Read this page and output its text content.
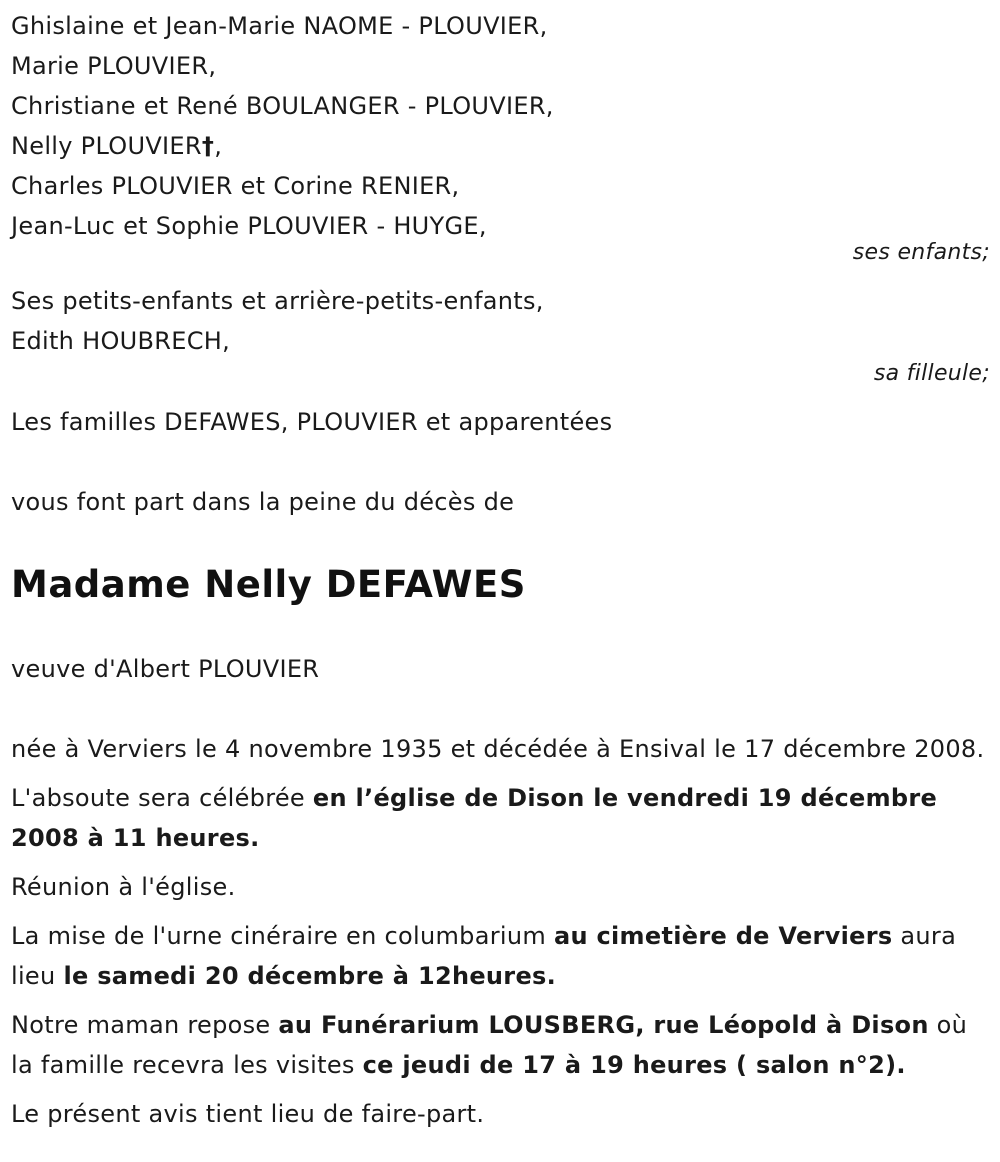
Ghislaine et Jean-Marie NAOME - PLOUVIER,
Marie PLOUVIER,
Christiane et René BOULANGER - PLOUVIER,
Nelly PLOUVIER†,
Charles PLOUVIER et Corine RENIER,
Jean-Luc et Sophie PLOUVIER - HUYGE,
ses enfants;
Ses petits-enfants et arrière-petits-enfants,
Edith HOUBRECH,
sa filleule;
Les familles DEFAWES, PLOUVIER et apparentées
vous font part dans la peine du décès de
Madame Nelly DEFAWES
veuve d'Albert PLOUVIER

née à Verviers le 4 novembre 1935 et décédée à Ensival le 17 décembre 2008.

L'absoute sera célébrée en l’église de Dison le vendredi 19 décembre 2008 à 11 heures.

Réunion à l'église.

La mise de l'urne cinéraire en columbarium au cimetière de Verviers aura lieu le samedi 20 décembre à 12heures.

Notre maman repose au Funérarium LOUSBERG, rue Léopold à Dison où la famille recevra les visites ce jeudi de 17 à 19 heures ( salon n°2).

Le présent avis tient lieu de faire-part.
